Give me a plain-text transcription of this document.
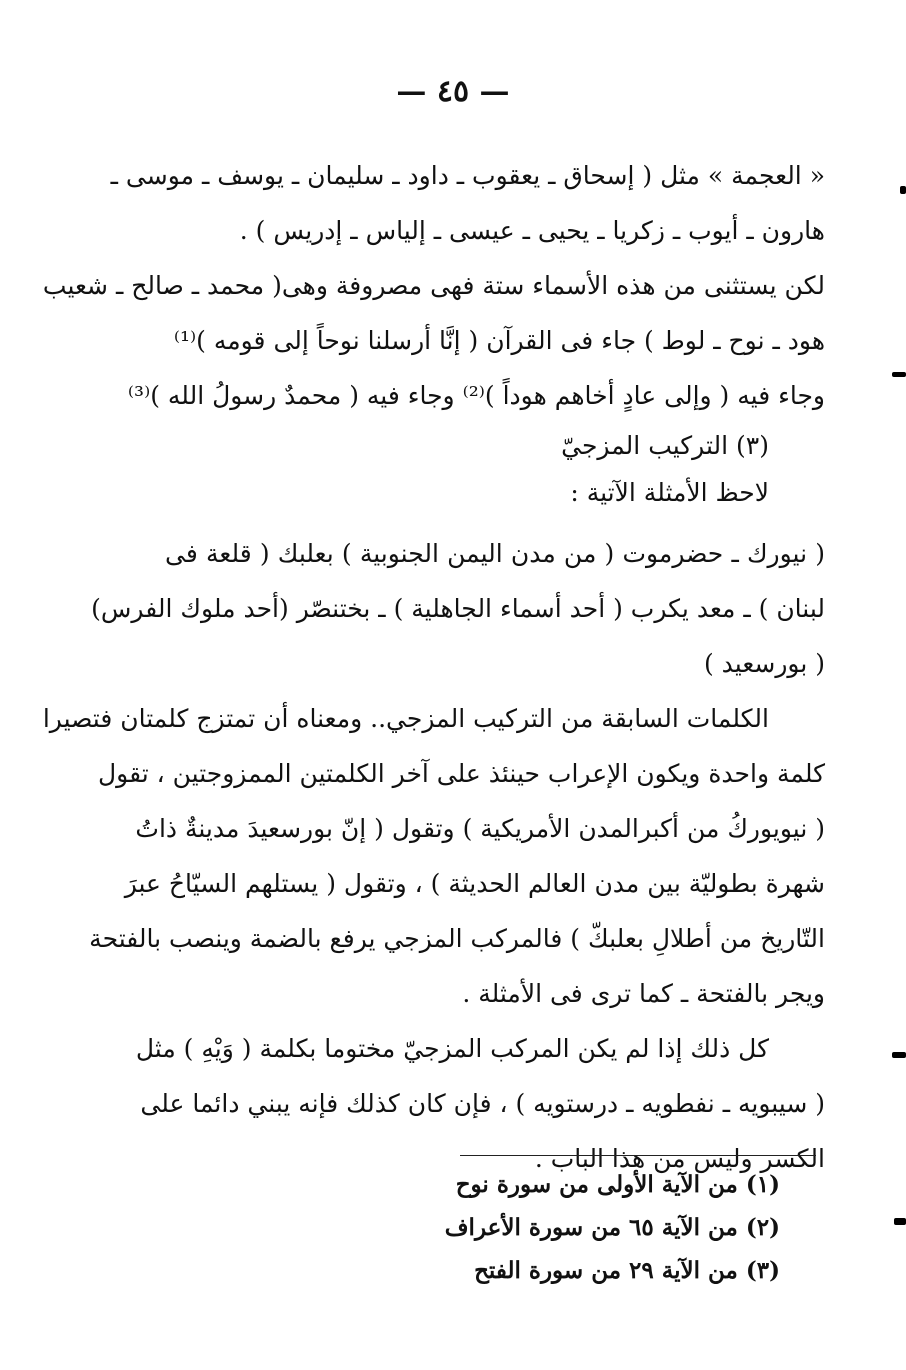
— ٤٥ —
« العجمة » مثل ( إسحاق ـ يعقوب ـ داود ـ سليمان ـ يوسف ـ موسى ـ
هارون ـ أيوب ـ زكريا ـ يحيى ـ عيسى ـ إلياس ـ إدريس ) .
لكن يستثنى من هذه الأسماء ستة فهى مصروفة وهى( محمد ـ صالح ـ شعيب
هود ـ نوح ـ لوط ) جاء فى القرآن ( إنَّا أرسلنا نوحاً إلى قومه )⁽¹⁾
وجاء فيه ( وإلى عادٍ أخاهم هوداً )⁽²⁾ وجاء فيه ( محمدٌ رسولُ الله )⁽³⁾
(٣) التركيب المزجيّ
لاحظ الأمثلة الآتية :
( نيورك ـ حضرموت ( من مدن اليمن الجنوبية ) بعلبك ( قلعة فى
لبنان ) ـ معد يكرب ( أحد أسماء الجاهلية ) ـ بختنصّر (أحد ملوك الفرس)
( بورسعيد )
الكلمات السابقة من التركيب المزجي.. ومعناه أن تمتزج كلمتان فتصيرا
كلمة واحدة ويكون الإعراب حينئذ على آخر الكلمتين الممزوجتين ، تقول
( نيويوركُ من أكبرالمدن الأمريكية ) وتقول ( إنّ بورسعيدَ مدينةٌ ذاتُ
شهرة بطوليّة بين مدن العالم الحديثة ) ، وتقول ( يستلهم السيّاحُ عبرَ
التّاريخ من أطلالِ بعلبكّ ) فالمركب المزجي يرفع بالضمة وينصب بالفتحة
ويجر بالفتحة ـ كما ترى فى الأمثلة .
كل ذلك إذا لم يكن المركب المزجيّ مختوما بكلمة ( وَيْهِ ) مثل
( سيبويه ـ نفطويه ـ درستويه ) ، فإن كان كذلك فإنه يبني دائما على
الكسر وليس من هذا الباب .
(١) من الآية الأولى من سورة نوح
(٢) من الآية ٦٥ من سورة الأعراف
(٣) من الآية ٢٩ من سورة الفتح
